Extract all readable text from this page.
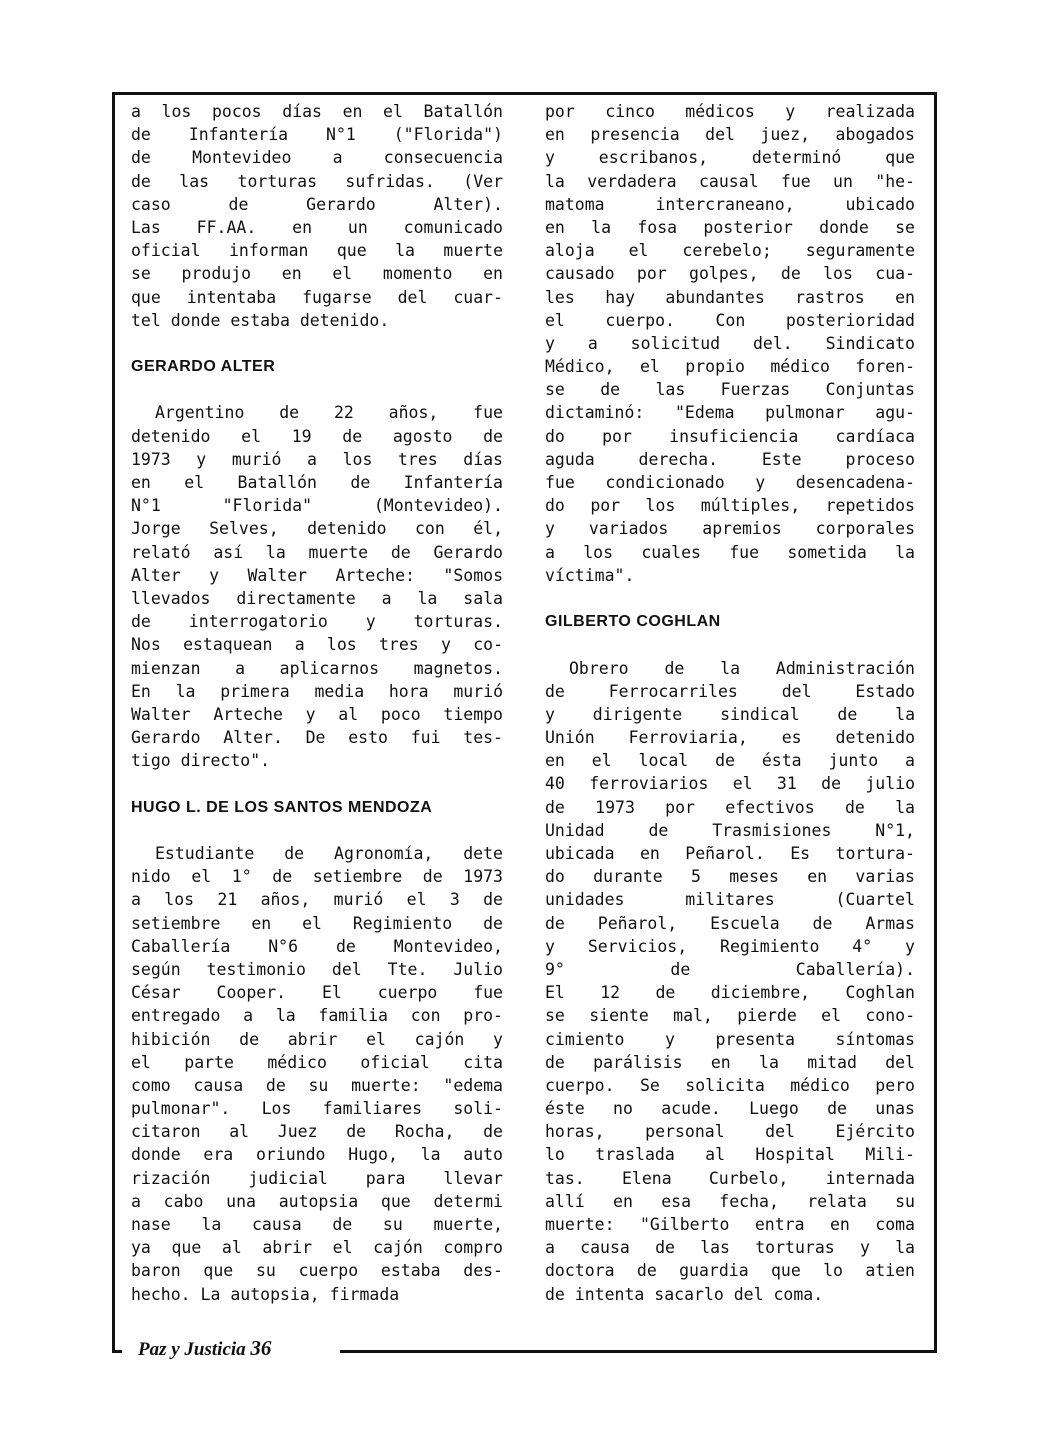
a los pocos días en el Batallón
de Infantería N°1 ("Florida")
de Montevideo a consecuencia
de las torturas sufridas. (Ver
caso de Gerardo Alter).
Las FF.AA. en un comunicado
oficial informan que la muerte
se produjo en el momento en
que intentaba fugarse del cuar-
tel donde estaba detenido.
GERARDO ALTER
Argentino de 22 años, fue
detenido el 19 de agosto de
1973 y murió a los tres días
en el Batallón de Infantería
N°1 "Florida" (Montevideo).
Jorge Selves, detenido con él,
relató así la muerte de Gerardo
Alter y Walter Arteche: "Somos
llevados directamente a la sala
de interrogatorio y torturas.
Nos estaquean a los tres y co-
mienzan a aplicarnos magnetos.
En la primera media hora murió
Walter Arteche y al poco tiempo
Gerardo Alter. De esto fui tes-
tigo directo".
HUGO L. DE LOS SANTOS MENDOZA
Estudiante de Agronomía, dete
nido el 1° de setiembre de 1973
a los 21 años, murió el 3 de
setiembre en el Regimiento de
Caballería N°6 de Montevideo,
según testimonio del Tte. Julio
César Cooper. El cuerpo fue
entregado a la familia con pro-
hibición de abrir el cajón y
el parte médico oficial cita
como causa de su muerte: "edema
pulmonar". Los familiares soli-
citaron al Juez de Rocha, de
donde era oriundo Hugo, la auto
rización judicial para llevar
a cabo una autopsia que determi
nase la causa de su muerte,
ya que al abrir el cajón compro
baron que su cuerpo estaba des-
hecho. La autopsia, firmada
por cinco médicos y realizada
en presencia del juez, abogados
y escribanos, determinó que
la verdadera causal fue un "he-
matoma intercraneano, ubicado
en la fosa posterior donde se
aloja el cerebelo; seguramente
causado por golpes, de los cua-
les hay abundantes rastros en
el cuerpo. Con posterioridad
y a solicitud del. Sindicato
Médico, el propio médico foren-
se de las Fuerzas Conjuntas
dictaminó: "Edema pulmonar agu-
do por insuficiencia cardíaca
aguda derecha. Este proceso
fue condicionado y desencadena-
do por los múltiples, repetidos
y variados apremios corporales
a los cuales fue sometida la
víctima".
GILBERTO COGHLAN
Obrero de la Administración
de Ferrocarriles del Estado
y dirigente sindical de la
Unión Ferroviaria, es detenido
en el local de ésta junto a
40 ferroviarios el 31 de julio
de 1973 por efectivos de la
Unidad de Trasmisiones N°1,
ubicada en Peñarol. Es tortura-
do durante 5 meses en varias
unidades militares (Cuartel
de Peñarol, Escuela de Armas
y Servicios, Regimiento 4° y
9° de Caballería).
El 12 de diciembre, Coghlan
se siente mal, pierde el cono-
cimiento y presenta síntomas
de parálisis en la mitad del
cuerpo. Se solicita médico pero
éste no acude. Luego de unas
horas, personal del Ejército
lo traslada al Hospital Mili-
tas. Elena Curbelo, internada
allí en esa fecha, relata su
muerte: "Gilberto entra en coma
a causa de las torturas y la
doctora de guardia que lo atien
de intenta sacarlo del coma.
Paz y Justicia 36
